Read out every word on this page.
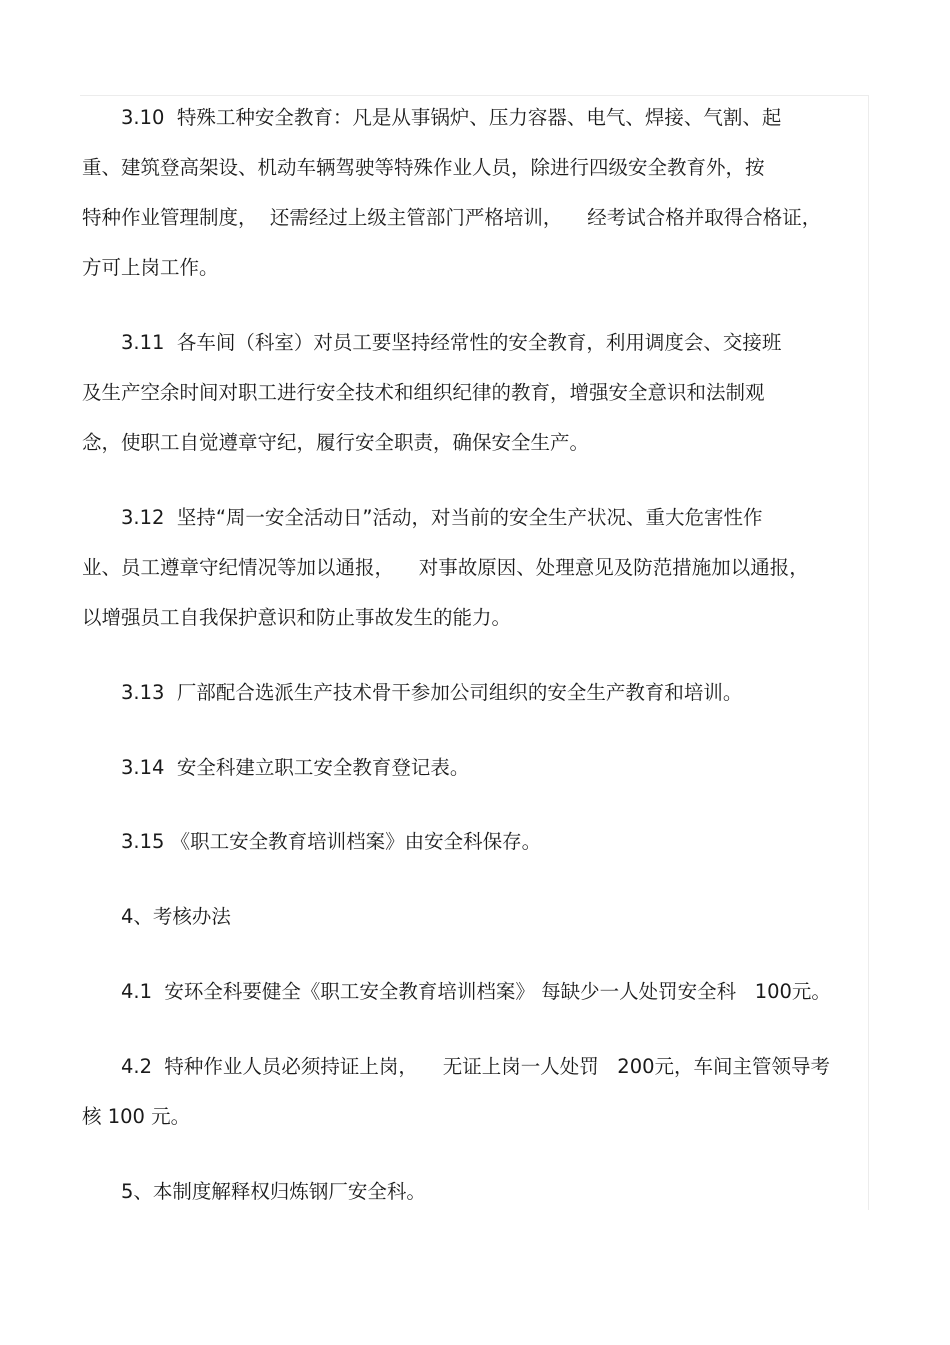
3.10  特殊工种安全教育：凡是从事锅炉、压力容器、电气、焊接、气割、起
重、建筑登高架设、机动车辆驾驶等特殊作业人员，除进行四级安全教育外，按
特种作业管理制度，  还需经过上级主管部门严格培训，    经考试合格并取得合格证，
方可上岗工作。
3.11  各车间（科室）对员工要坚持经常性的安全教育，利用调度会、交接班
及生产空余时间对职工进行安全技术和组织纪律的教育，增强安全意识和法制观
念，使职工自觉遵章守纪，履行安全职责，确保安全生产。
3.12  坚持“周一安全活动日”活动，对当前的安全生产状况、重大危害性作
业、员工遵章守纪情况等加以通报，    对事故原因、处理意见及防范措施加以通报，
以增强员工自我保护意识和防止事故发生的能力。
3.13  厂部配合选派生产技术骨干参加公司组织的安全生产教育和培训。
3.14  安全科建立职工安全教育登记表。
3.15 《职工安全教育培训档案》由安全科保存。
4、考核办法
4.1  安环全科要健全《职工安全教育培训档案》 每缺少一人处罚安全科   100元。
4.2  特种作业人员必须持证上岗，    无证上岗一人处罚   200元，车间主管领导考
核 100 元。
5、本制度解释权归炼钢厂安全科。
